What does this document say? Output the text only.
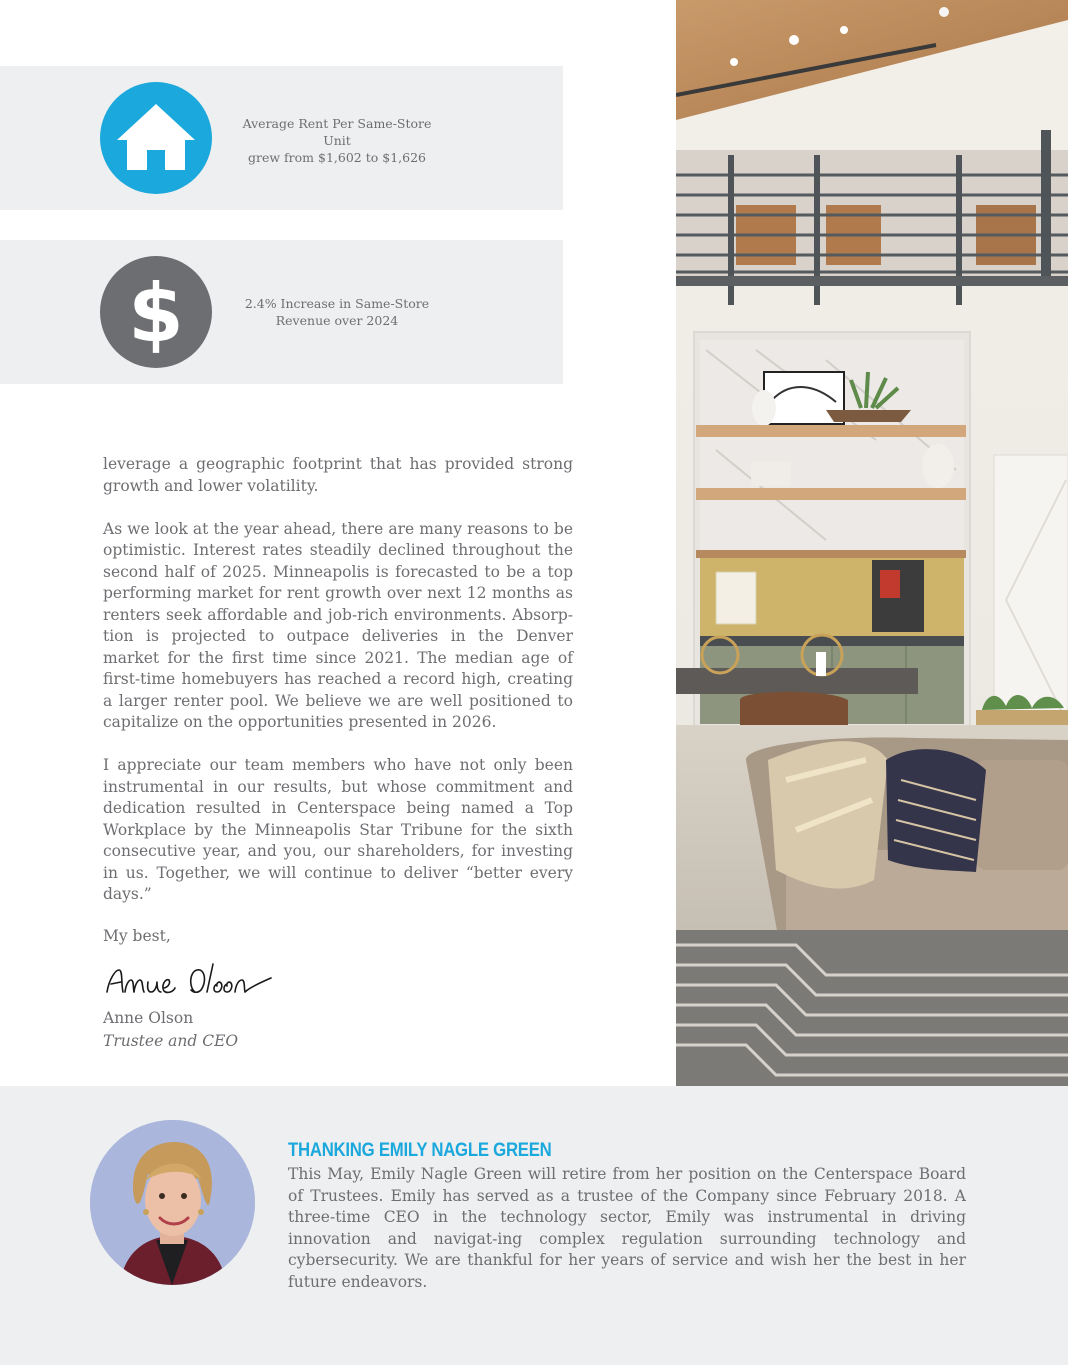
Average Rent Per Same-Store Unit
grew from $1,602 to $1,626
$	2.4% Increase in Same-Store
Revenue over 2024

leverage a geographic footprint that has provided strong growth and lower volatility.

As we look at the year ahead, there are many reasons to be optimistic. Interest rates steadily declined throughout the second half of 2025. Minneapolis is forecasted to be a top performing market for rent growth over next 12 months as renters seek affordable and job-rich environments. Absorp-tion is projected to outpace deliveries in the Denver market for the first time since 2021. The median age of first-time homebuyers has reached a record high, creating a larger renter pool. We believe we are well positioned to capitalize on the opportunities presented in 2026.

I appreciate our team members who have not only been instrumental in our results, but whose commitment and dedication resulted in Centerspace being named a Top Workplace by the Minneapolis Star Tribune for the sixth consecutive year, and you, our shareholders, for investing in us. Together, we will continue to deliver “better every days.”

My best,
Anne Olson
Trustee and CEO
THANKING EMILY NAGLE GREEN
This May, Emily Nagle Green will retire from her position on the Centerspace Board of Trustees. Emily has served as a trustee of the Company since February 2018. A three-time CEO in the technology sector, Emily was instrumental in driving innovation and navigat-ing complex regulation surrounding technology and cybersecurity. We are thankful for her years of service and wish her the best in her future endeavors.
